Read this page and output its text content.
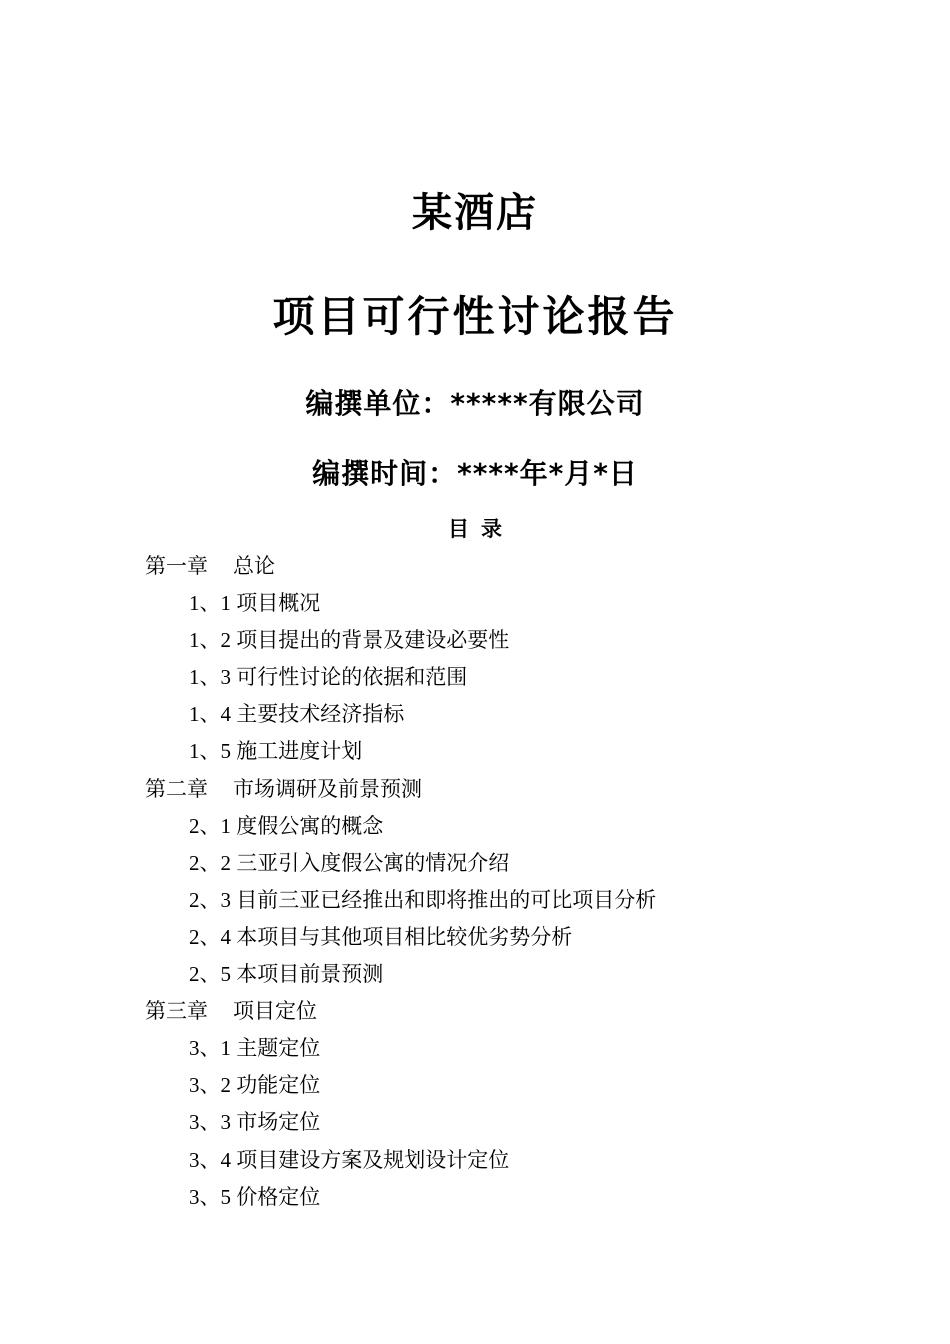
某酒店
项目可行性讨论报告
编撰单位：*****有限公司
编撰时间：****年*月*日
目录
第一章 总论
1、1 项目概况
1、2 项目提出的背景及建设必要性
1、3 可行性讨论的依据和范围
1、4 主要技术经济指标
1、5 施工进度计划
第二章 市场调研及前景预测
2、1 度假公寓的概念
2、2 三亚引入度假公寓的情况介绍
2、3 目前三亚已经推出和即将推出的可比项目分析
2、4 本项目与其他项目相比较优劣势分析
2、5 本项目前景预测
第三章 项目定位
3、1 主题定位
3、2 功能定位
3、3 市场定位
3、4 项目建设方案及规划设计定位
3、5 价格定位
